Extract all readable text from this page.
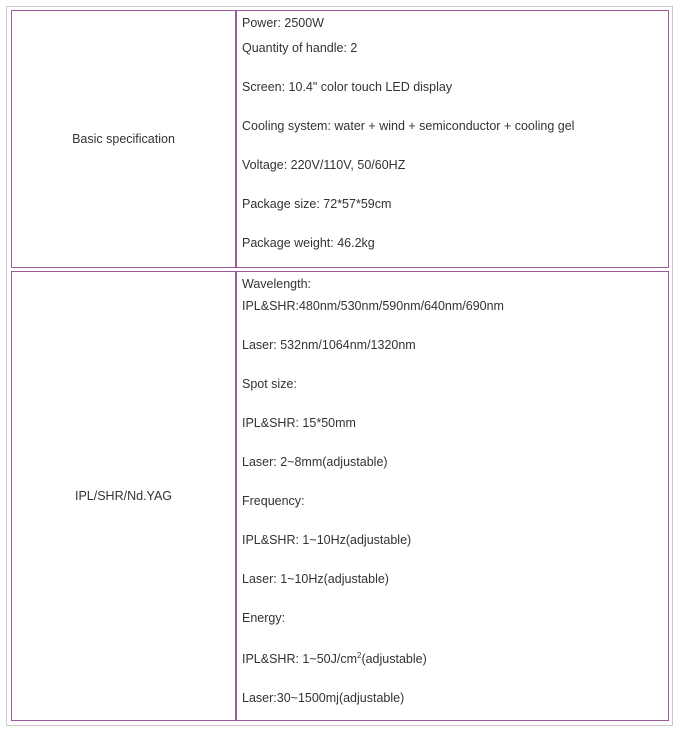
Basic specification
Power: 2500W
Quantity of handle: 2
Screen: 10.4" color touch LED display
Cooling system: water + wind + semiconductor + cooling gel
Voltage: 220V/110V, 50/60HZ
Package size: 72*57*59cm
Package weight: 46.2kg
IPL/SHR/Nd.YAG
Wavelength:
IPL&SHR:480nm/530nm/590nm/640nm/690nm
Laser: 532nm/1064nm/1320nm
Spot size:
IPL&SHR: 15*50mm
Laser: 2~8mm(adjustable)
Frequency:
IPL&SHR: 1~10Hz(adjustable)
Laser: 1~10Hz(adjustable)
Energy:
IPL&SHR: $1\sim 50J/cm^2(adjustable)$
Laser:30~1500mj(adjustable)
